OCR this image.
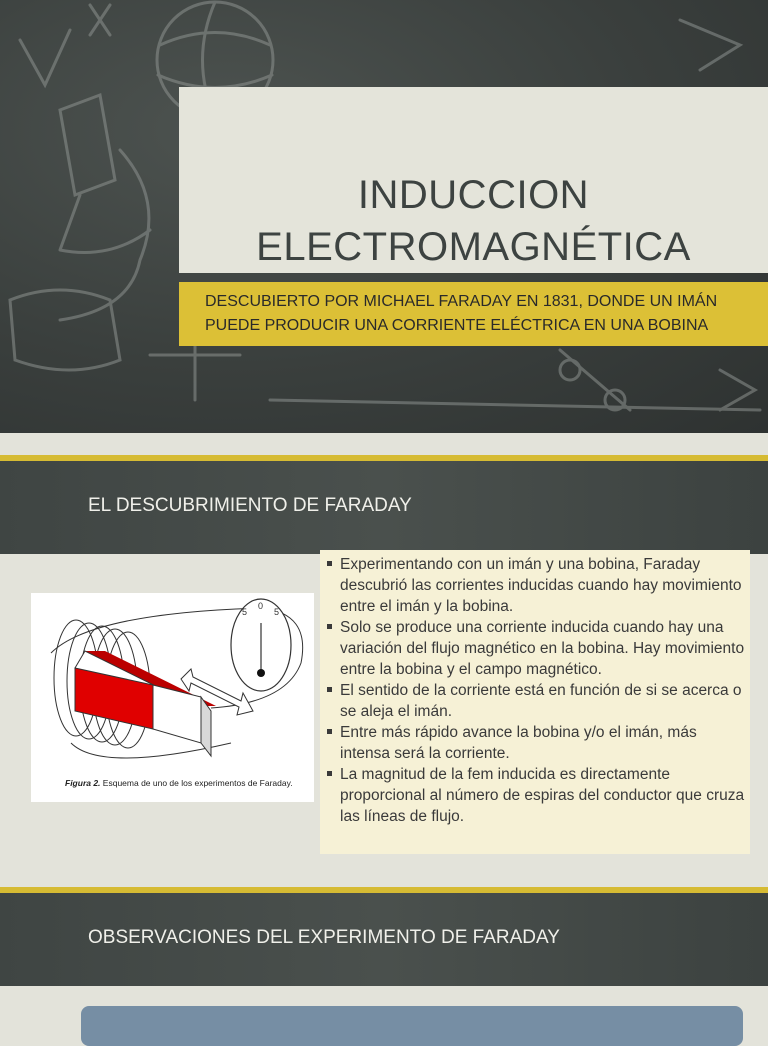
INDUCCION
ELECTROMAGNÉTICA
DESCUBIERTO POR MICHAEL FARADAY EN 1831, DONDE UN IMÁN
PUEDE PRODUCIR UNA CORRIENTE ELÉCTRICA EN UNA BOBINA
EL DESCUBRIMIENTO DE FARADAY
5
0
5
Figura 2. Esquema de uno de los experimentos de Faraday.
Experimentando con un imán y una bobina, Faraday descubrió las corrientes inducidas cuando hay movimiento entre el imán y la bobina.
Solo se produce una corriente inducida cuando hay una variación del flujo magnético en la bobina. Hay movimiento entre la bobina y el campo magnético.
El sentido de la corriente está en función de si se acerca o se aleja el imán.
Entre más rápido avance la bobina y/o el imán, más intensa será la corriente.
La magnitud de la fem inducida es directamente proporcional al número de espiras del conductor que cruza las líneas de flujo.
OBSERVACIONES DEL EXPERIMENTO DE FARADAY
